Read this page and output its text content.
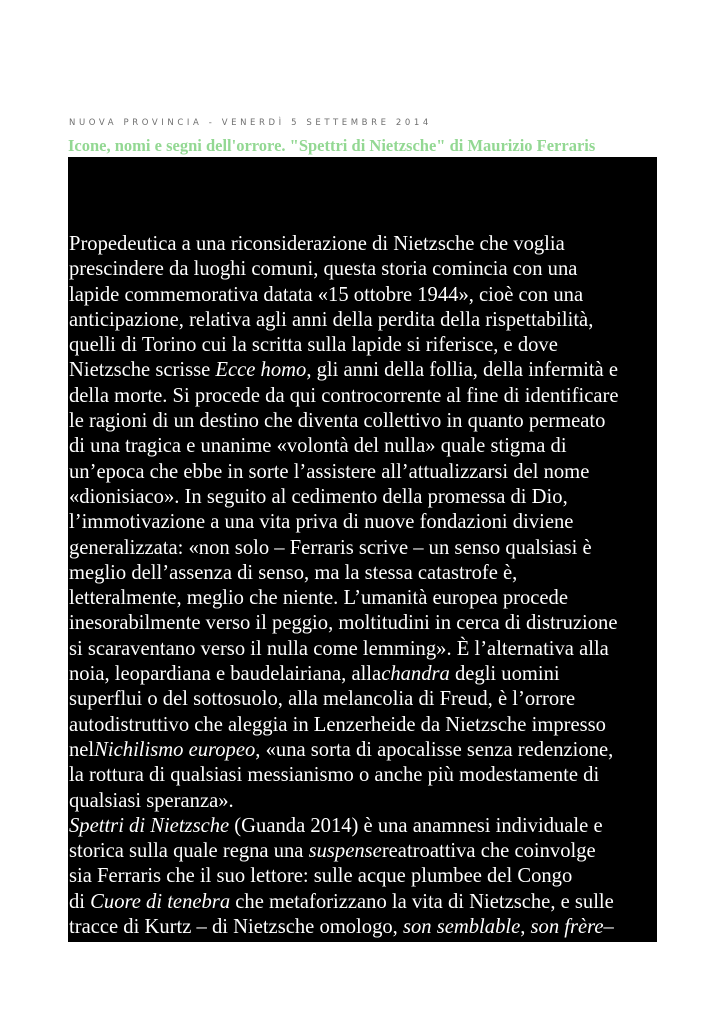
NUOVA PROVINCIA - VENERDÌ 5 SETTEMBRE 2014
Icone, nomi e segni dell'orrore. "Spettri di Nietzsche" di Maurizio Ferraris
Propedeutica a una riconsiderazione di Nietzsche che voglia
prescindere da luoghi comuni, questa storia comincia con una
lapide commemorativa datata «15 ottobre 1944», cioè con una
anticipazione, relativa agli anni della perdita della rispettabilità,
quelli di Torino cui la scritta sulla lapide si riferisce, e dove
Nietzsche scrisse Ecce homo, gli anni della follia, della infermità e
della morte. Si procede da qui controcorrente al fine di identificare
le ragioni di un destino che diventa collettivo in quanto permeato
di una tragica e unanime «volontà del nulla» quale stigma di
un’epoca che ebbe in sorte l’assistere all’attualizzarsi del nome
«dionisiaco». In seguito al cedimento della promessa di Dio,
l’immotivazione a una vita priva di nuove fondazioni diviene
generalizzata: «non solo – Ferraris scrive – un senso qualsiasi è
meglio dell’assenza di senso, ma la stessa catastrofe è,
letteralmente, meglio che niente. L’umanità europea procede
inesorabilmente verso il peggio, moltitudini in cerca di distruzione
si scaraventano verso il nulla come lemming». È l’alternativa alla
noia, leopardiana e baudelairiana, allachandra degli uomini
superflui o del sottosuolo, alla melancolia di Freud, è l’orrore
autodistruttivo che aleggia in Lenzerheide da Nietzsche impresso
nelNichilismo europeo, «una sorta di apocalisse senza redenzione,
la rottura di qualsiasi messianismo o anche più modestamente di
qualsiasi speranza».
Spettri di Nietzsche (Guanda 2014) è una anamnesi individuale e
storica sulla quale regna una suspensereatroattiva che coinvolge
sia Ferraris che il suo lettore: sulle acque plumbee del Congo
di Cuore di tenebra che metaforizzano la vita di Nietzsche, e sulle
tracce di Kurtz – di Nietzsche omologo, son semblable, son frère–
